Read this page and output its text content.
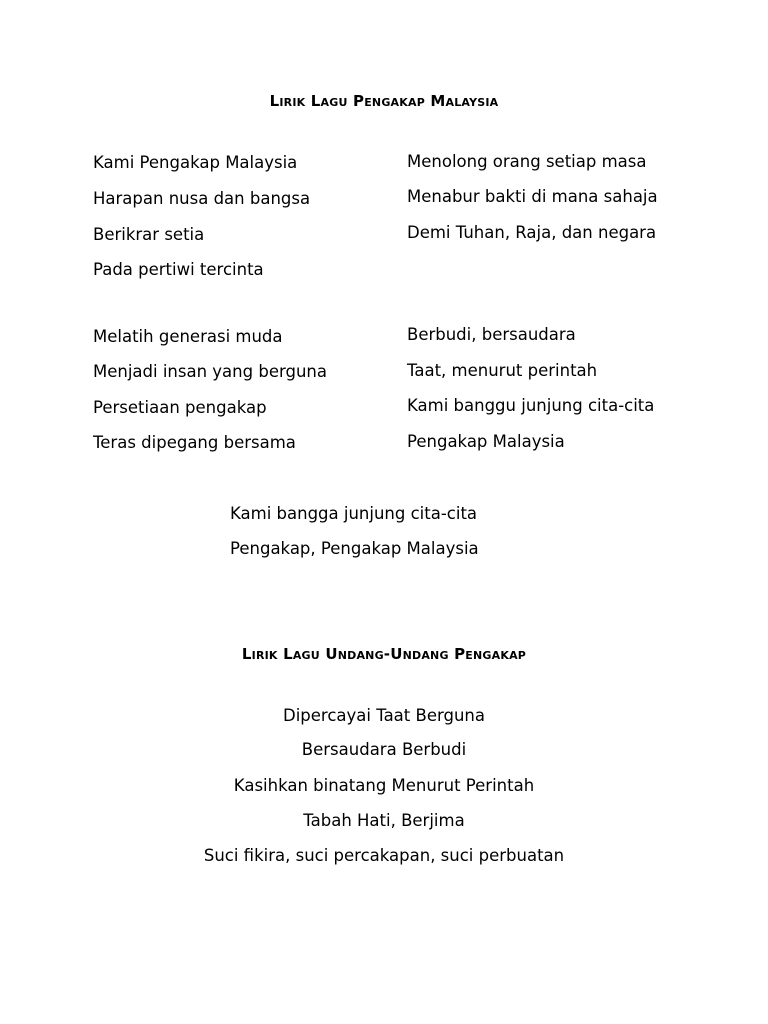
Lirik Lagu Pengakap Malaysia
Kami Pengakap Malaysia
Harapan nusa dan bangsa
Berikrar setia
Pada pertiwi tercinta
Menolong orang setiap masa
Menabur bakti di mana sahaja
Demi Tuhan, Raja, dan negara
Melatih generasi muda
Menjadi insan yang berguna
Persetiaan pengakap
Teras dipegang bersama
Berbudi, bersaudara
Taat, menurut perintah
Kami banggu junjung cita-cita
Pengakap Malaysia
Kami bangga junjung cita-cita
Pengakap, Pengakap Malaysia
Lirik Lagu Undang-Undang Pengakap
Dipercayai Taat Berguna
Bersaudara Berbudi
Kasihkan binatang Menurut Perintah
Tabah Hati, Berjima
Suci fikira, suci percakapan, suci perbuatan
